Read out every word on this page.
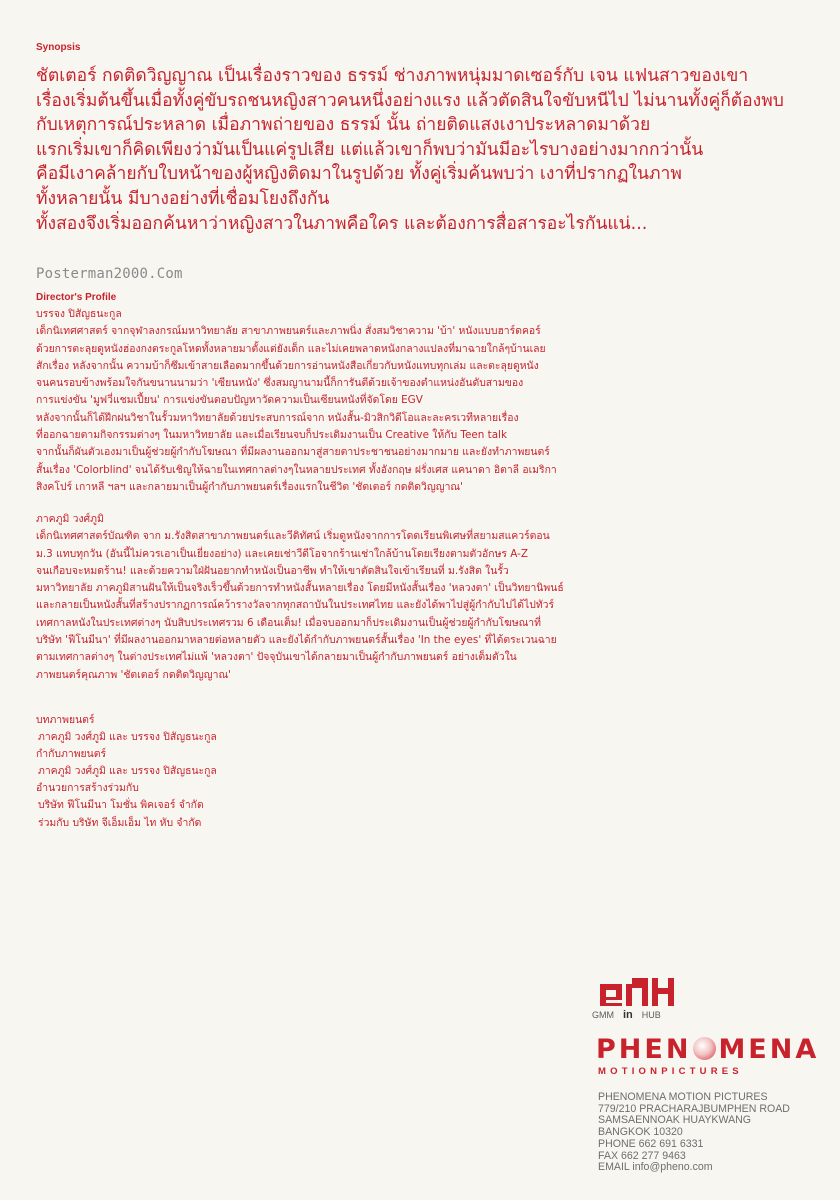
Synopsis
ชัตเตอร์ กดติดวิญญาณ เป็นเรื่องราวของ ธรรม์ ช่างภาพหนุ่มมาดเซอร์กับ เจน แฟนสาวของเขา
เรื่องเริ่มต้นขึ้นเมื่อทั้งคู่ขับรถชนหญิงสาวคนหนึ่งอย่างแรง แล้วตัดสินใจขับหนีไป ไม่นานทั้งคู่ก็ต้องพบ
กับเหตุการณ์ประหลาด เมื่อภาพถ่ายของ ธรรม์ นั้น ถ่ายติดแสงเงาประหลาดมาด้วย
แรกเริ่มเขาก็คิดเพียงว่ามันเป็นแค่รูปเสีย แต่แล้วเขาก็พบว่ามันมีอะไรบางอย่างมากกว่านั้น
คือมีเงาคล้ายกับใบหน้าของผู้หญิงติดมาในรูปด้วย ทั้งคู่เริ่มค้นพบว่า เงาที่ปรากฏในภาพ
ทั้งหลายนั้น มีบางอย่างที่เชื่อมโยงถึงกัน
ทั้งสองจึงเริ่มออกค้นหาว่าหญิงสาวในภาพคือใคร และต้องการสื่อสารอะไรกันแน่...
Posterman2000.Com
Director's Profile
บรรจง ปิสัญธนะกูล
เด็กนิเทศศาสตร์ จากจุฬาลงกรณ์มหาวิทยาลัย สาขาภาพยนตร์และภาพนิ่ง สั่งสมวิชาความ 'บ้า' หนังแบบฮาร์ดคอร์
ด้วยการตะลุยดูหนังฮ่องกงตระกูลโหดทั้งหลายมาตั้งแต่ยังเด็ก และไม่เคยพลาดหนังกลางแปลงที่มาฉายใกล้ๆบ้านเลย
สักเรื่อง หลังจากนั้น ความบ้าก็ซึมเข้าสายเลือดมากขึ้นด้วยการอ่านหนังสือเกี่ยวกับหนังแทบทุกเล่ม และตะลุยดูหนัง
จนคนรอบข้างพร้อมใจกันขนานนามว่า 'เซียนหนัง' ซึ่งสมญานามนี้ก็การันตีด้วยเจ้าของตำแหน่งอันดับสามของ
การแข่งขัน 'มูฟวี่แชมเปี้ยน' การแข่งขันตอบปัญหาวัดความเป็นเซียนหนังที่จัดโดย EGV
หลังจากนั้นก็ได้ฝึกฝนวิชาในรั้วมหาวิทยาลัยด้วยประสบการณ์จาก หนังสั้น-มิวสิกวิดีโอและละครเวทีหลายเรื่อง
ที่ออกฉายตามกิจกรรมต่างๆ ในมหาวิทยาลัย และเมื่อเรียนจบก็ประเดิมงานเป็น Creative ให้กับ Teen talk
จากนั้นก็ผันตัวเองมาเป็นผู้ช่วยผู้กำกับโฆษณา ที่มีผลงานออกมาสู่สายตาประชาชนอย่างมากมาย และยังทำภาพยนตร์
สั้นเรื่อง 'Colorblind' จนได้รับเชิญให้ฉายในเทศกาลต่างๆในหลายประเทศ ทั้งอังกฤษ ฝรั่งเศส แคนาดา อิตาลี อเมริกา
สิงคโปร์ เกาหลี ฯลฯ และกลายมาเป็นผู้กำกับภาพยนตร์เรื่องแรกในชีวิต 'ชัตเตอร์ กดติดวิญญาณ'
ภาคภูมิ วงศ์ภูมิ
เด็กนิเทศศาสตร์บัณฑิต จาก ม.รังสิตสาขาภาพยนตร์และวีดิทัศน์ เริ่มดูหนังจากการโดดเรียนพิเศษที่สยามสแควร์ตอน
ม.3 แทบทุกวัน (อันนี้ไม่ควรเอาเป็นเยี่ยงอย่าง) และเคยเช่าวีดีโอจากร้านเช่าใกล้บ้านโดยเรียงตามตัวอักษร A-Z
จนเกือบจะหมดร้าน! และด้วยความใฝ่ฝันอยากทำหนังเป็นอาชีพ ทำให้เขาตัดสินใจเข้าเรียนที่ ม.รังสิต ในรั้ว
มหาวิทยาลัย ภาคภูมิสานฝันให้เป็นจริงเร็วขึ้นด้วยการทำหนังสั้นหลายเรื่อง โดยมีหนังสั้นเรื่อง 'หลวงตา' เป็นวิทยานิพนธ์
และกลายเป็นหนังสั้นที่สร้างปรากฏการณ์คว้ารางวัลจากทุกสถาบันในประเทศไทย และยังได้พาไปสู่ผู้กำกับไปได้ไปทัวร์
เทศกาลหนังในประเทศต่างๆ นับสิบประเทศรวม 6 เดือนเต็ม! เมื่อจบออกมาก็ประเดิมงานเป็นผู้ช่วยผู้กำกับโฆษณาที่
บริษัท 'ฟีโนมีนา' ที่มีผลงานออกมาหลายต่อหลายตัว และยังได้กำกับภาพยนตร์สั้นเรื่อง 'In the eyes' ที่ได้ตระเวนฉาย
ตามเทศกาลต่างๆ ในต่างประเทศไม่แพ้ 'หลวงตา' ปัจจุบันเขาได้กลายมาเป็นผู้กำกับภาพยนตร์ อย่างเต็มตัวใน
ภาพยนตร์คุณภาพ 'ชัตเตอร์ กดติดวิญญาณ'
บทภาพยนตร์
ภาคภูมิ วงศ์ภูมิ และ บรรจง ปิสัญธนะกูล
กำกับภาพยนตร์
ภาคภูมิ วงศ์ภูมิ และ บรรจง ปิสัญธนะกูล
อำนวยการสร้างร่วมกับ
บริษัท ฟีโนมีนา โมชั่น พิคเจอร์ จำกัด
ร่วมกับ บริษัท จีเอ็มเอ็ม ไท หับ จำกัด
GMM in HUB
PHEN MENA
MOTIONPICTURES
PHENOMENA MOTION PICTURES
779/210 PRACHARAJBUMPHEN ROAD
SAMSAENNOAK HUAYKWANG
BANGKOK 10320
PHONE 662 691 6331
FAX 662 277 9463
EMAIL info@pheno.com
